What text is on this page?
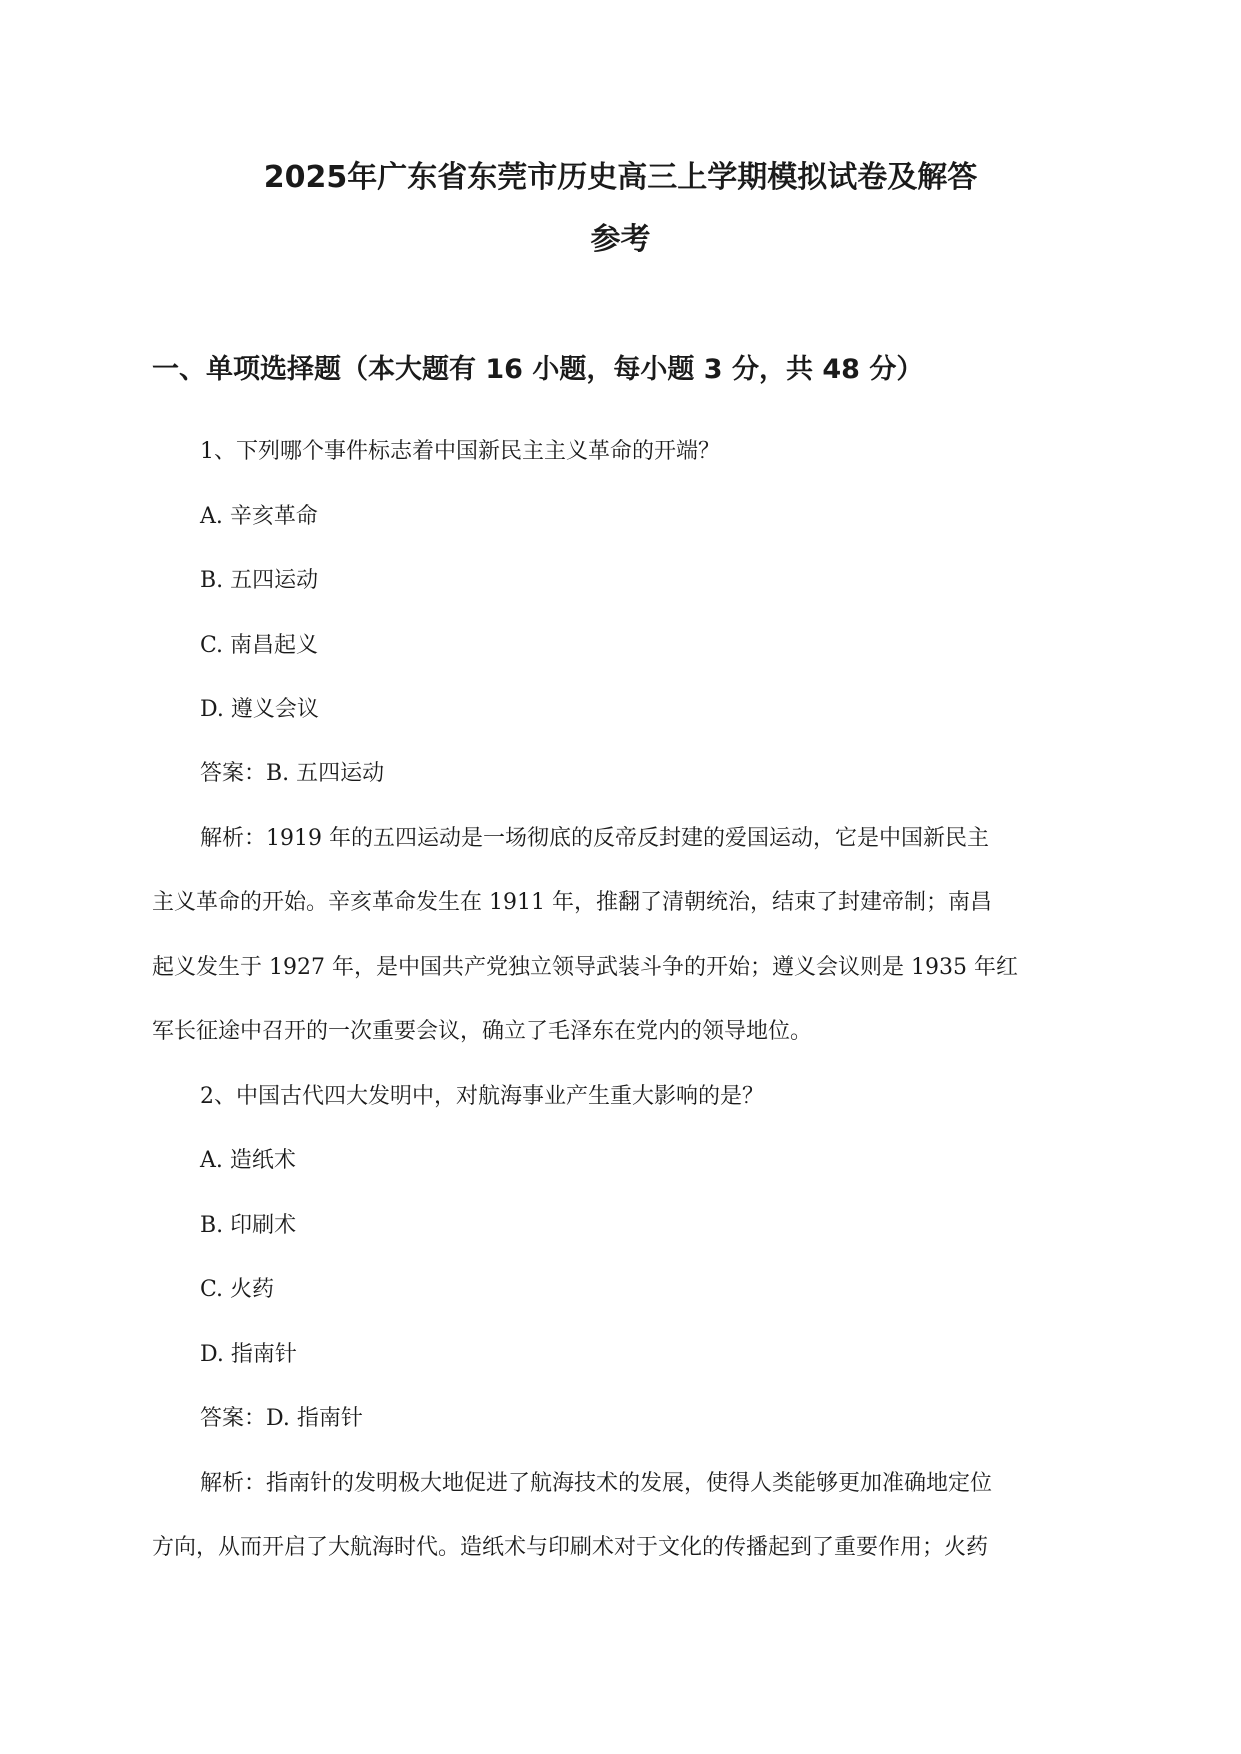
2025年广东省东莞市历史高三上学期模拟试卷及解答
参考
一、单项选择题（本大题有 16 小题，每小题 3 分，共 48 分）

1、下列哪个事件标志着中国新民主主义革命的开端？

A. 辛亥革命

B. 五四运动

C. 南昌起义

D. 遵义会议

答案：B. 五四运动

解析：1919 年的五四运动是一场彻底的反帝反封建的爱国运动，它是中国新民主

主义革命的开始。辛亥革命发生在 1911 年，推翻了清朝统治，结束了封建帝制；南昌

起义发生于 1927 年，是中国共产党独立领导武装斗争的开始；遵义会议则是 1935 年红

军长征途中召开的一次重要会议，确立了毛泽东在党内的领导地位。

2、中国古代四大发明中，对航海事业产生重大影响的是？

A. 造纸术

B. 印刷术

C. 火药

D. 指南针

答案：D. 指南针

解析：指南针的发明极大地促进了航海技术的发展，使得人类能够更加准确地定位

方向，从而开启了大航海时代。造纸术与印刷术对于文化的传播起到了重要作用；火药
